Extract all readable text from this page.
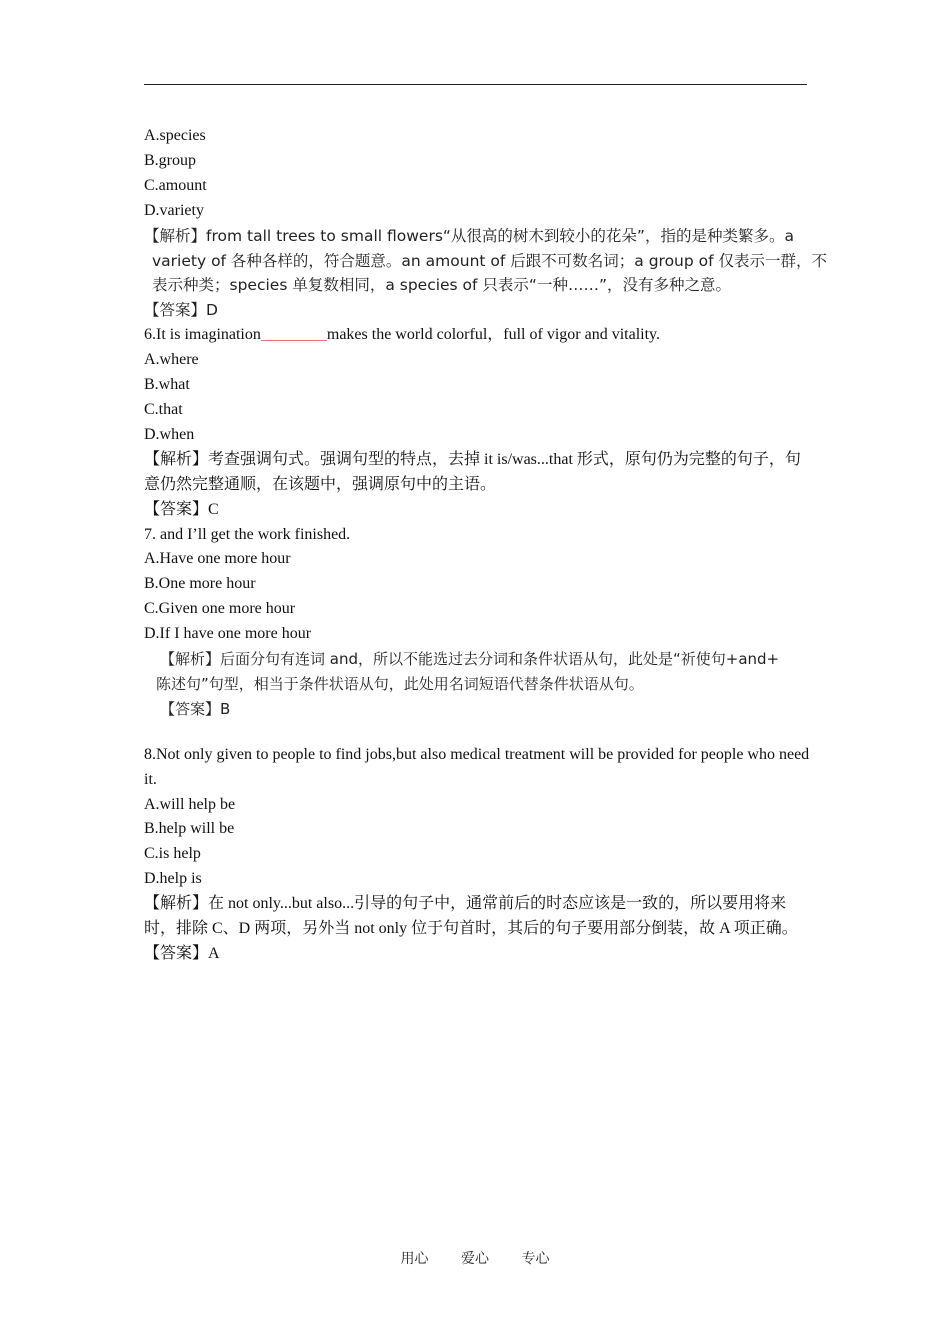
A.species
B.group
C.amount
D.variety
【解析】from tall trees to small flowers“从很高的树木到较小的花朵”，指的是种类繁多。a
variety of 各种各样的，符合题意。an amount of 后跟不可数名词；a group of 仅表示一群，不
表示种类；species 单复数相同，a species of 只表示“一种……”，没有多种之意。
【答案】D
6.It is imagination	makes the world colorful，full of vigor and vitality.
A.where
B.what
C.that
D.when
【解析】考查强调句式。强调句型的特点，去掉 it is/was...that 形式，原句仍为完整的句子，句意仍然完整通顺，在该题中，强调原句中的主语。
【答案】C
7. and I’ll get the work finished.
A.Have one more hour
B.One more hour
C.Given one more hour
D.If I have one more hour
【解析】后面分句有连词 and，所以不能选过去分词和条件状语从句，此处是“祈使句+and+
陈述句”句型，相当于条件状语从句，此处用名词短语代替条件状语从句。
【答案】B
8.Not only given to people to find jobs,but also medical treatment will be provided for people who need it.
A.will help be
B.help will be
C.is help
D.help is
【解析】在 not only...but also...引导的句子中，通常前后的时态应该是一致的，所以要用将来时，排除 C、D 两项，另外当 not only 位于句首时，其后的句子要用部分倒装，故 A 项正确。
【答案】A
用心 爱心 专心
